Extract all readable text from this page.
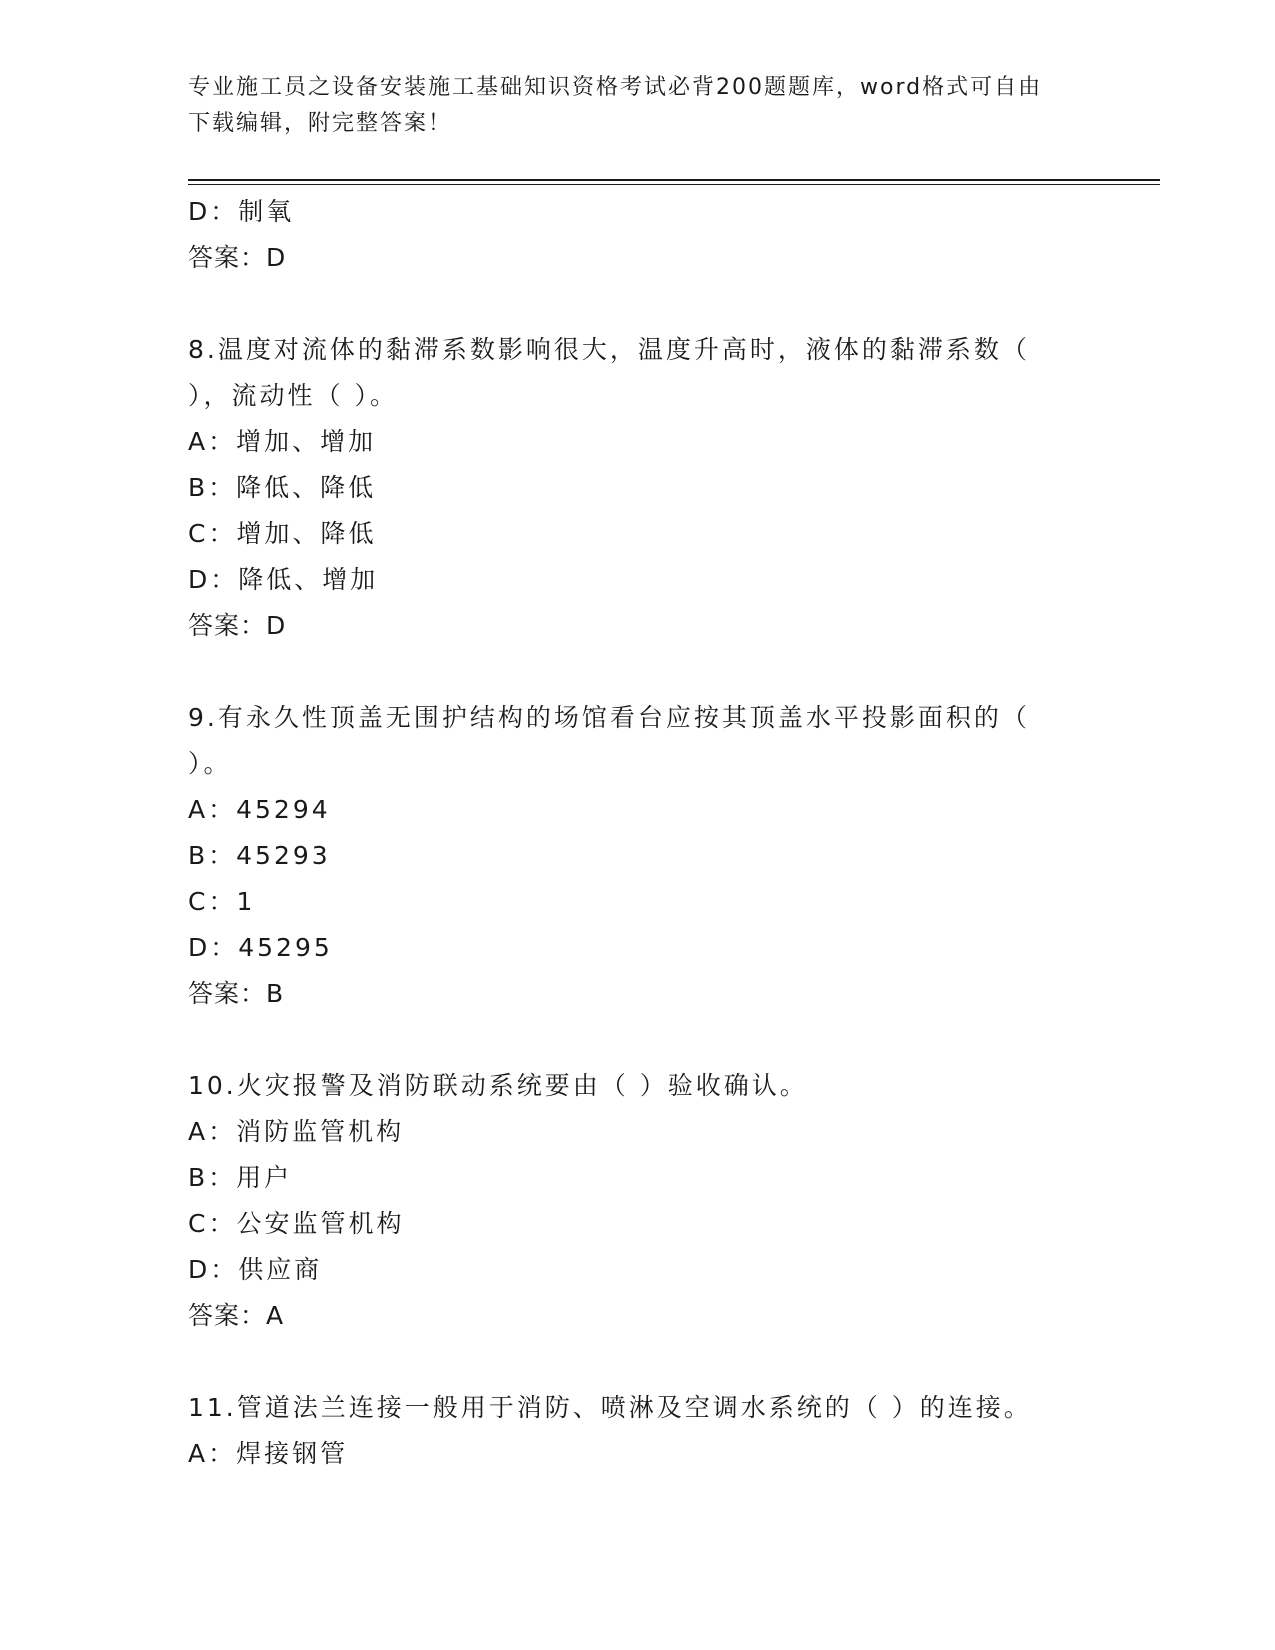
专业施工员之设备安装施工基础知识资格考试必背200题题库，word格式可自由
下载编辑，附完整答案！
D：制氧
答案：D
8.温度对流体的黏滞系数影响很大，温度升高时，液体的黏滞系数（
），流动性（ ）。
A：增加、增加
B：降低、降低
C：增加、降低
D：降低、增加
答案：D
9.有永久性顶盖无围护结构的场馆看台应按其顶盖水平投影面积的（
）。
A：45294
B：45293
C：1
D：45295
答案：B
10.火灾报警及消防联动系统要由（ ）验收确认。
A：消防监管机构
B：用户
C：公安监管机构
D：供应商
答案：A
11.管道法兰连接一般用于消防、喷淋及空调水系统的（ ）的连接。
A：焊接钢管
